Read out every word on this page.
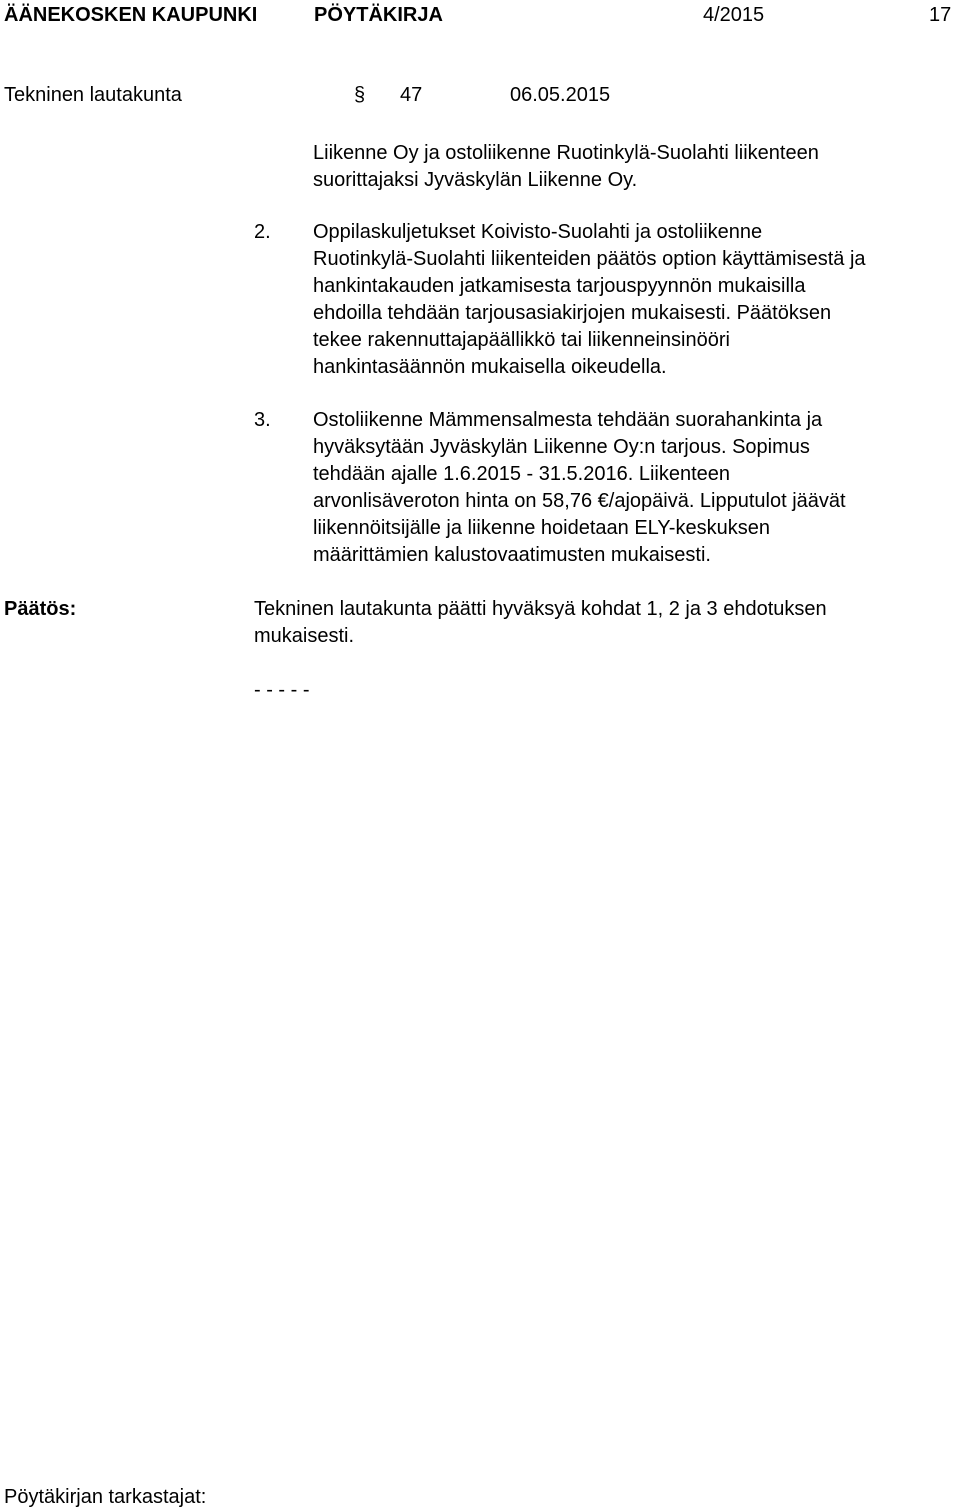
ÄÄNEKOSKEN KAUPUNKI	PÖYTÄKIRJA	4/2015	17
Tekninen lautakunta	§ 47	06.05.2015
Liikenne Oy ja ostoliikenne Ruotinkylä-Suolahti liikenteen
suorittajaksi Jyväskylän Liikenne Oy.
2. Oppilaskuljetukset Koivisto-Suolahti ja ostoliikenne
Ruotinkylä-Suolahti liikenteiden päätös option käyttämisestä ja
hankintakauden jatkamisesta tarjouspyynnön mukaisilla
ehdoilla tehdään tarjousasiakirjojen mukaisesti. Päätöksen
tekee rakennuttajapäällikkö tai liikenneinsinööri
hankintasäännön mukaisella oikeudella.
3. Ostoliikenne Mämmensalmesta tehdään suorahankinta ja
hyväksytään Jyväskylän Liikenne Oy:n tarjous. Sopimus
tehdään ajalle 1.6.2015 - 31.5.2016. Liikenteen
arvonlisäveroton hinta on 58,76 €/ajopäivä. Lipputulot jäävät
liikennöitsijälle ja liikenne hoidetaan ELY-keskuksen
määrittämien kalustovaatimusten mukaisesti.
Päätös:	Tekninen lautakunta päätti hyväksyä kohdat 1, 2 ja 3 ehdotuksen
mukaisesti.
- - - - -
Pöytäkirjan tarkastajat:
